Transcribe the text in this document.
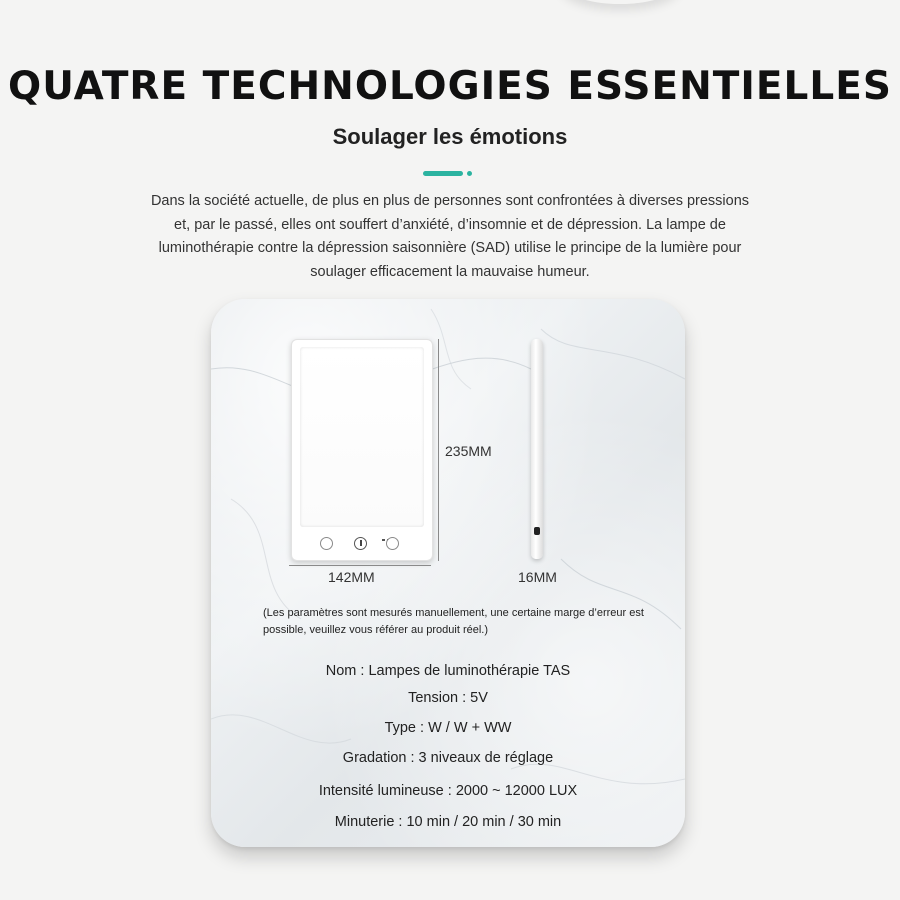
QUATRE TECHNOLOGIES ESSENTIELLES
Soulager les émotions

Dans la société actuelle, de plus en plus de personnes sont confrontées à diverses pressions et, par le passé, elles ont souffert d’anxiété, d’insomnie et de dépression. La lampe de luminothérapie contre la dépression saisonnière (SAD) utilise le principe de la lumière pour soulager efficacement la mauvaise humeur.

235MM
142MM	16MM

(Les paramètres sont mesurés manuellement, une certaine marge d’erreur est possible, veuillez vous référer au produit réel.)

Nom : Lampes de luminothérapie TAS

Tension : 5V

Type : W / W + WW

Gradation : 3 niveaux de réglage

Intensité lumineuse : 2000 ~ 12000 LUX

Minuterie : 10 min / 20 min / 30 min
